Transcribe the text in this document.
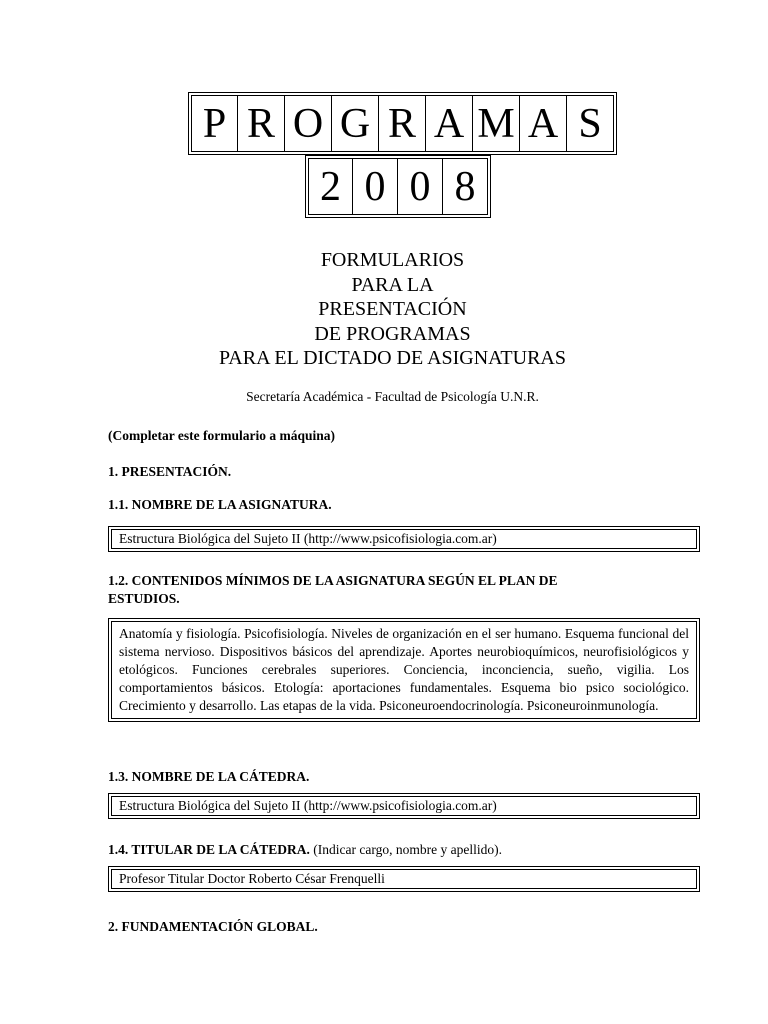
P R O G R A M A S
2 0 0 8
FORMULARIOS
PARA LA
PRESENTACIÓN
DE PROGRAMAS
PARA EL DICTADO DE ASIGNATURAS
Secretaría Académica - Facultad de Psicología U.N.R.
(Completar este formulario a máquina)
1. PRESENTACIÓN.
1.1. NOMBRE DE LA ASIGNATURA.
Estructura Biológica del Sujeto II (http://www.psicofisiologia.com.ar)
1.2. CONTENIDOS MÍNIMOS DE LA ASIGNATURA SEGÚN EL PLAN DE
ESTUDIOS.
Anatomía y fisiología. Psicofisiología. Niveles de organización en el ser humano. Esquema funcional del sistema nervioso. Dispositivos básicos del aprendizaje. Aportes neurobioquímicos, neurofisiológicos y etológicos. Funciones cerebrales superiores. Conciencia, inconciencia, sueño, vigilia. Los comportamientos básicos. Etología: aportaciones fundamentales. Esquema bio psico sociológico. Crecimiento y desarrollo. Las etapas de la vida. Psiconeuroendocrinología. Psiconeuroinmunología.
1.3. NOMBRE DE LA CÁTEDRA.
Estructura Biológica del Sujeto II (http://www.psicofisiologia.com.ar)
1.4. TITULAR DE LA CÁTEDRA. (Indicar cargo, nombre y apellido).
Profesor Titular Doctor Roberto César Frenquelli
2. FUNDAMENTACIÓN GLOBAL.
